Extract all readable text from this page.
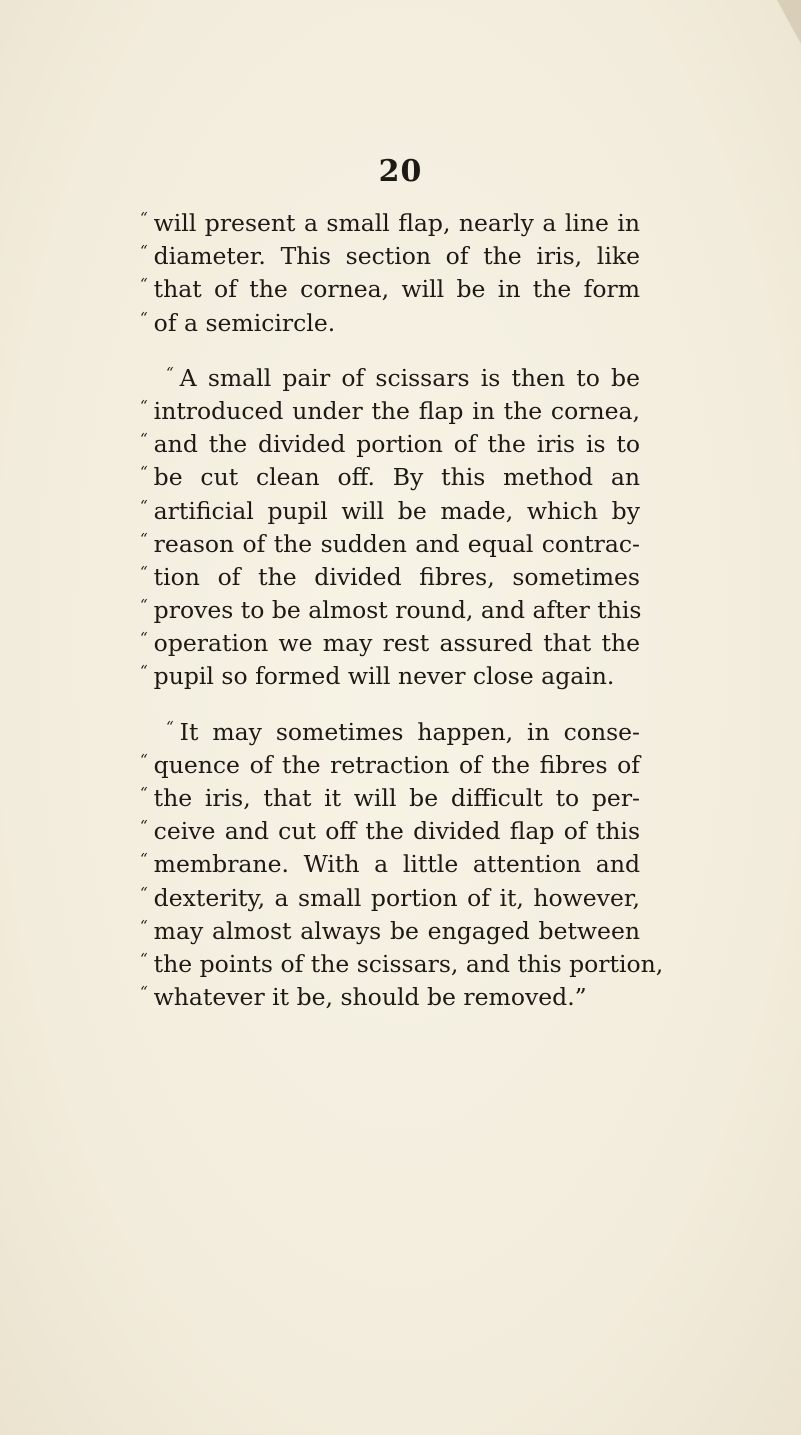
20
“ will present a small flap, nearly a line in
“ diameter. This section of the iris, like
“ that of the cornea, will be in the form
“ of a semicircle.
“ A small pair of scissars is then to be
“ introduced under the flap in the cornea,
“ and the divided portion of the iris is to
“ be cut clean off. By this method an
“ artificial pupil will be made, which by
“ reason of the sudden and equal contrac-
“ tion of the divided fibres, sometimes
“ proves to be almost round, and after this
“ operation we may rest assured that the
“ pupil so formed will never close again.
“ It may sometimes happen, in conse-
“ quence of the retraction of the fibres of
“ the iris, that it will be difficult to per-
“ ceive and cut off the divided flap of this
“ membrane. With a little attention and
“ dexterity, a small portion of it, however,
“ may almost always be engaged between
“ the points of the scissars, and this portion,
“ whatever it be, should be removed.”
